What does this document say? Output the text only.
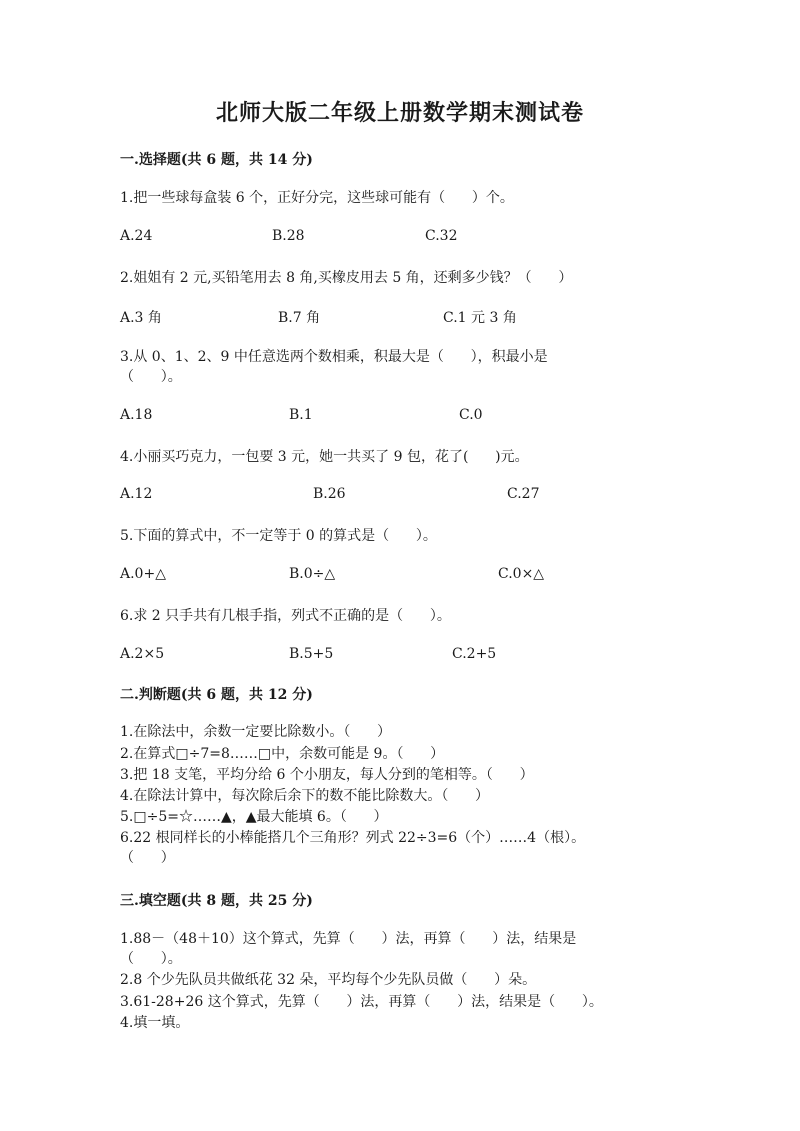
北师大版二年级上册数学期末测试卷
一.选择题(共 6 题，共 14 分)
1.把一些球每盒装 6 个，正好分完，这些球可能有（      ）个。
A.24	B.28	C.32
2.姐姐有 2 元,买铅笔用去 8 角,买橡皮用去 5 角，还剩多少钱？（      ）
A.3 角	B.7 角	C.1 元 3 角
3.从 0、1、2、9 中任意选两个数相乘，积最大是（      ），积最小是
（      ）。
A.18	B.1	C.0
4.小丽买巧克力，一包要 3 元，她一共买了 9 包，花了(      )元。
A.12	B.26	C.27
5.下面的算式中，不一定等于 0 的算式是（      ）。
A.0+△	B.0÷△	C.0×△
6.求 2 只手共有几根手指，列式不正确的是（      ）。
A.2×5	B.5+5	C.2+5
二.判断题(共 6 题，共 12 分)
1.在除法中，余数一定要比除数小。（      ）
2.在算式□÷7=8……□中，余数可能是 9。（      ）
3.把 18 支笔，平均分给 6 个小朋友，每人分到的笔相等。（      ）
4.在除法计算中，每次除后余下的数不能比除数大。（      ）
5.□÷5=☆……▲，▲最大能填 6。（      ）
6.22 根同样长的小棒能搭几个三角形？列式 22÷3=6（个）……4（根）。
（      ）
三.填空题(共 8 题，共 25 分)
1.88－（48＋10）这个算式，先算（      ）法，再算（      ）法，结果是
（      ）。
2.8 个少先队员共做纸花 32 朵，平均每个少先队员做（      ）朵。
3.61-28+26 这个算式，先算（      ）法，再算（      ）法，结果是（      ）。
4.填一填。
